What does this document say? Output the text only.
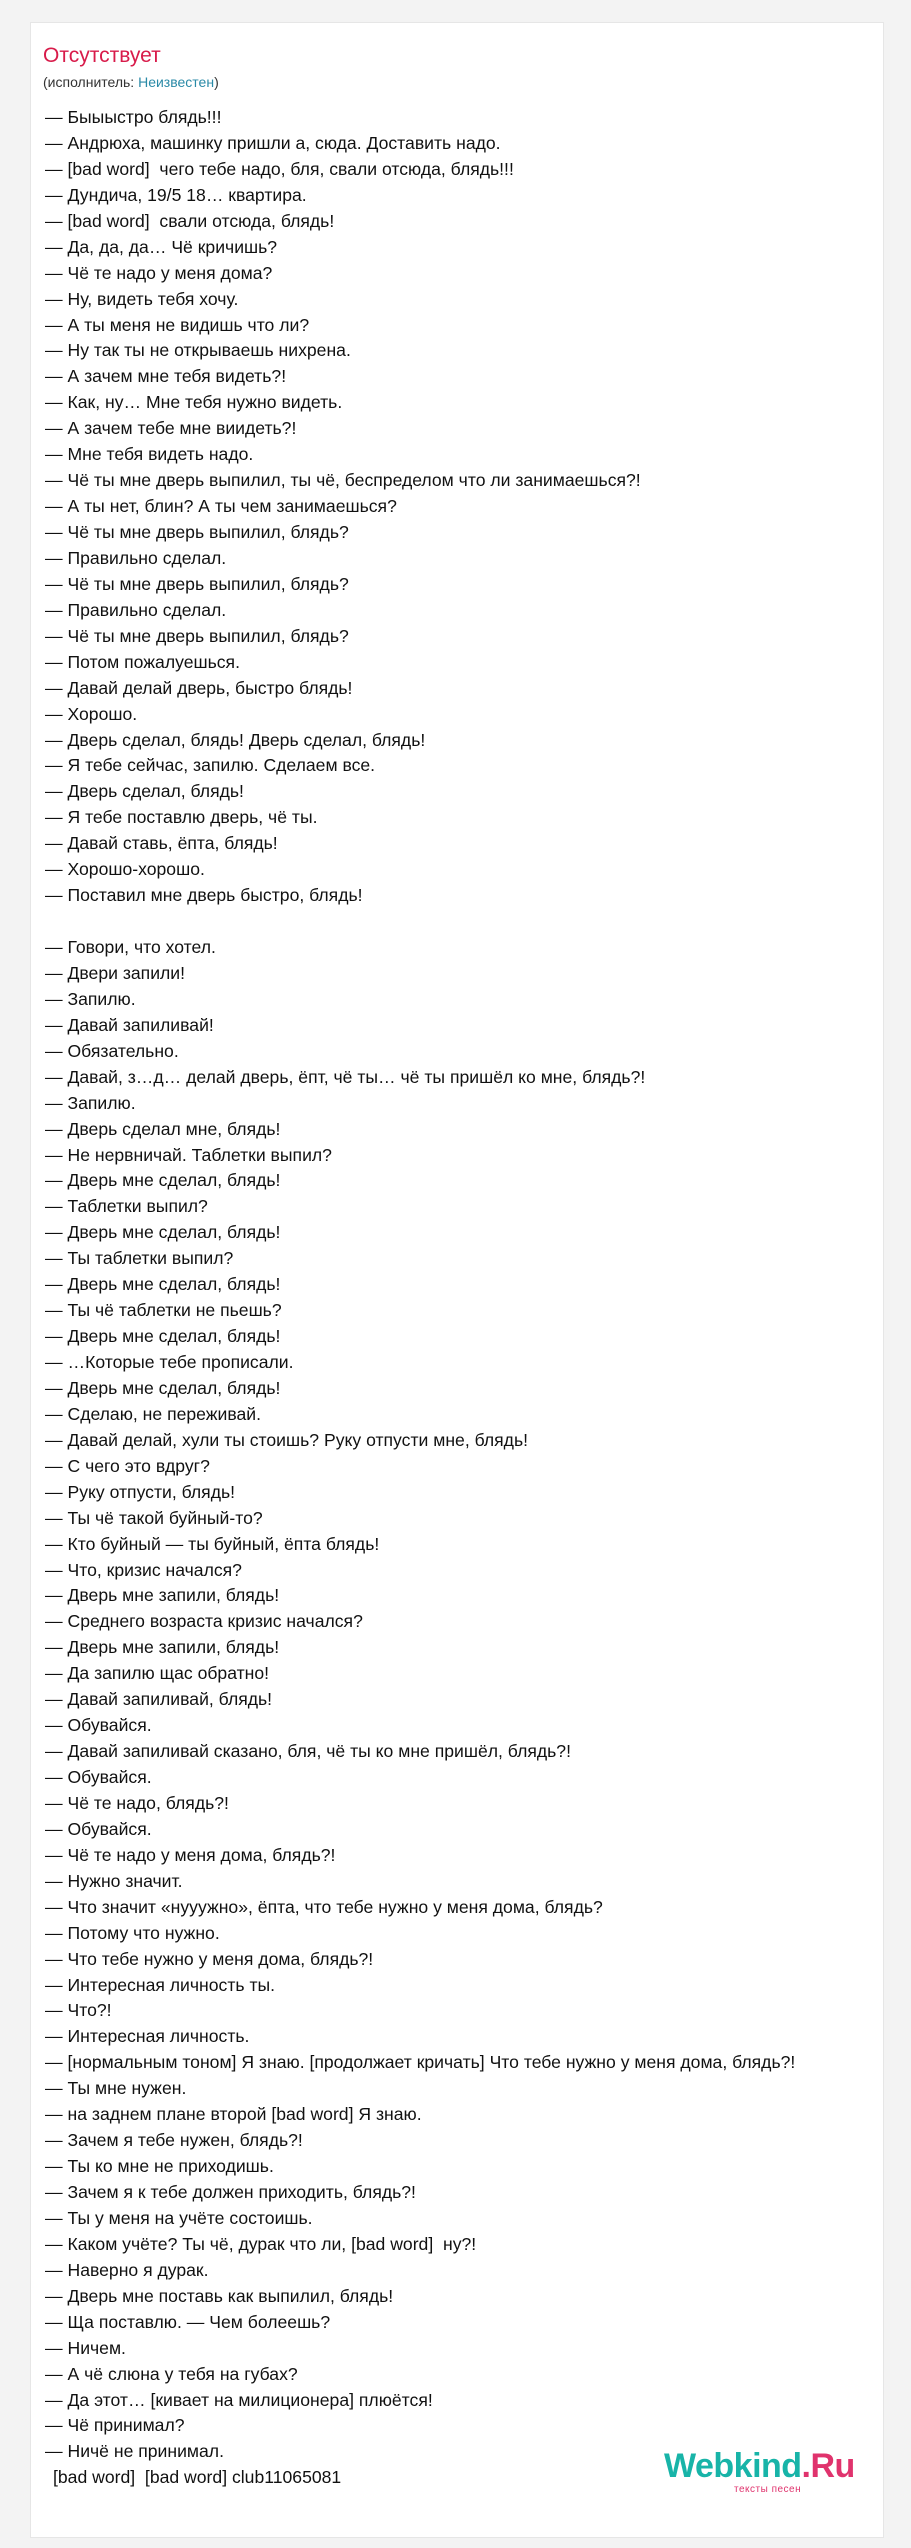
Отсутствует
(исполнитель: Неизвестен)
— Быыыстро блядь!!!
— Андрюха, машинку пришли а, сюда. Доставить надо.
— [bad word]  чего тебе надо, бля, свали отсюда, блядь!!!
— Дундича, 19/5 18… квартира.
— [bad word]  свали отсюда, блядь!
— Да, да, да… Чё кричишь?
— Чё те надо у меня дома?
— Ну, видеть тебя хочу.
— А ты меня не видишь что ли?
— Ну так ты не открываешь нихрена.
— А зачем мне тебя видеть?!
— Как, ну… Мне тебя нужно видеть.
— А зачем тебе мне виидеть?!
— Мне тебя видеть надо.
— Чё ты мне дверь выпилил, ты чё, беспределом что ли занимаешься?!
— А ты нет, блин? А ты чем занимаешься?
— Чё ты мне дверь выпилил, блядь?
— Правильно сделал.
— Чё ты мне дверь выпилил, блядь?
— Правильно сделал.
— Чё ты мне дверь выпилил, блядь?
— Потом пожалуешься.
— Давай делай дверь, быстро блядь!
— Хорошо.
— Дверь сделал, блядь! Дверь сделал, блядь!
— Я тебе сейчас, запилю. Сделаем все.
— Дверь сделал, блядь!
— Я тебе поставлю дверь, чё ты.
— Давай ставь, ёпта, блядь!
— Хорошо-хорошо.
— Поставил мне дверь быстро, блядь!
— Говори, что хотел.
— Двери запили!
— Запилю.
— Давай запиливай!
— Обязательно.
— Давай, з…д… делай дверь, ёпт, чё ты… чё ты пришёл ко мне, блядь?!
— Запилю.
— Дверь сделал мне, блядь!
— Не нервничай. Таблетки выпил?
— Дверь мне сделал, блядь!
— Таблетки выпил?
— Дверь мне сделал, блядь!
— Ты таблетки выпил?
— Дверь мне сделал, блядь!
— Ты чё таблетки не пьешь?
— Дверь мне сделал, блядь!
— …Которые тебе прописали.
— Дверь мне сделал, блядь!
— Сделаю, не переживай.
— Давай делай, хули ты стоишь? Руку отпусти мне, блядь!
— С чего это вдруг?
— Руку отпусти, блядь!
— Ты чё такой буйный-то?
— Кто буйный — ты буйный, ёпта блядь!
— Что, кризис начался?
— Дверь мне запили, блядь!
— Среднего возраста кризис начался?
— Дверь мне запили, блядь!
— Да запилю щас обратно!
— Давай запиливай, блядь!
— Обувайся.
— Давай запиливай сказано, бля, чё ты ко мне пришёл, блядь?!
— Обувайся.
— Чё те надо, блядь?!
— Обувайся.
— Чё те надо у меня дома, блядь?!
— Нужно значит.
— Что значит «нууужно», ёпта, что тебе нужно у меня дома, блядь?
— Потому что нужно.
— Что тебе нужно у меня дома, блядь?!
— Интересная личность ты.
— Что?!
— Интересная личность.
— [нормальным тоном] Я знаю. [продолжает кричать] Что тебе нужно у меня дома, блядь?!
— Ты мне нужен.
— на заднем плане второй [bad word] Я знаю.
— Зачем я тебе нужен, блядь?!
— Ты ко мне не приходишь.
— Зачем я к тебе должен приходить, блядь?!
— Ты у меня на учёте состоишь.
— Каком учёте? Ты чё, дурак что ли, [bad word]  ну?!
— Наверно я дурак.
— Дверь мне поставь как выпилил, блядь!
— Ща поставлю. — Чем болеешь?
— Ничем.
— А чё слюна у тебя на губах?
— Да этот… [кивает на милиционера] плюётся!
— Чё принимал?
— Ничё не принимал.
[bad word]  [bad word] club11065081	Webkind.Ru
тексты песен
